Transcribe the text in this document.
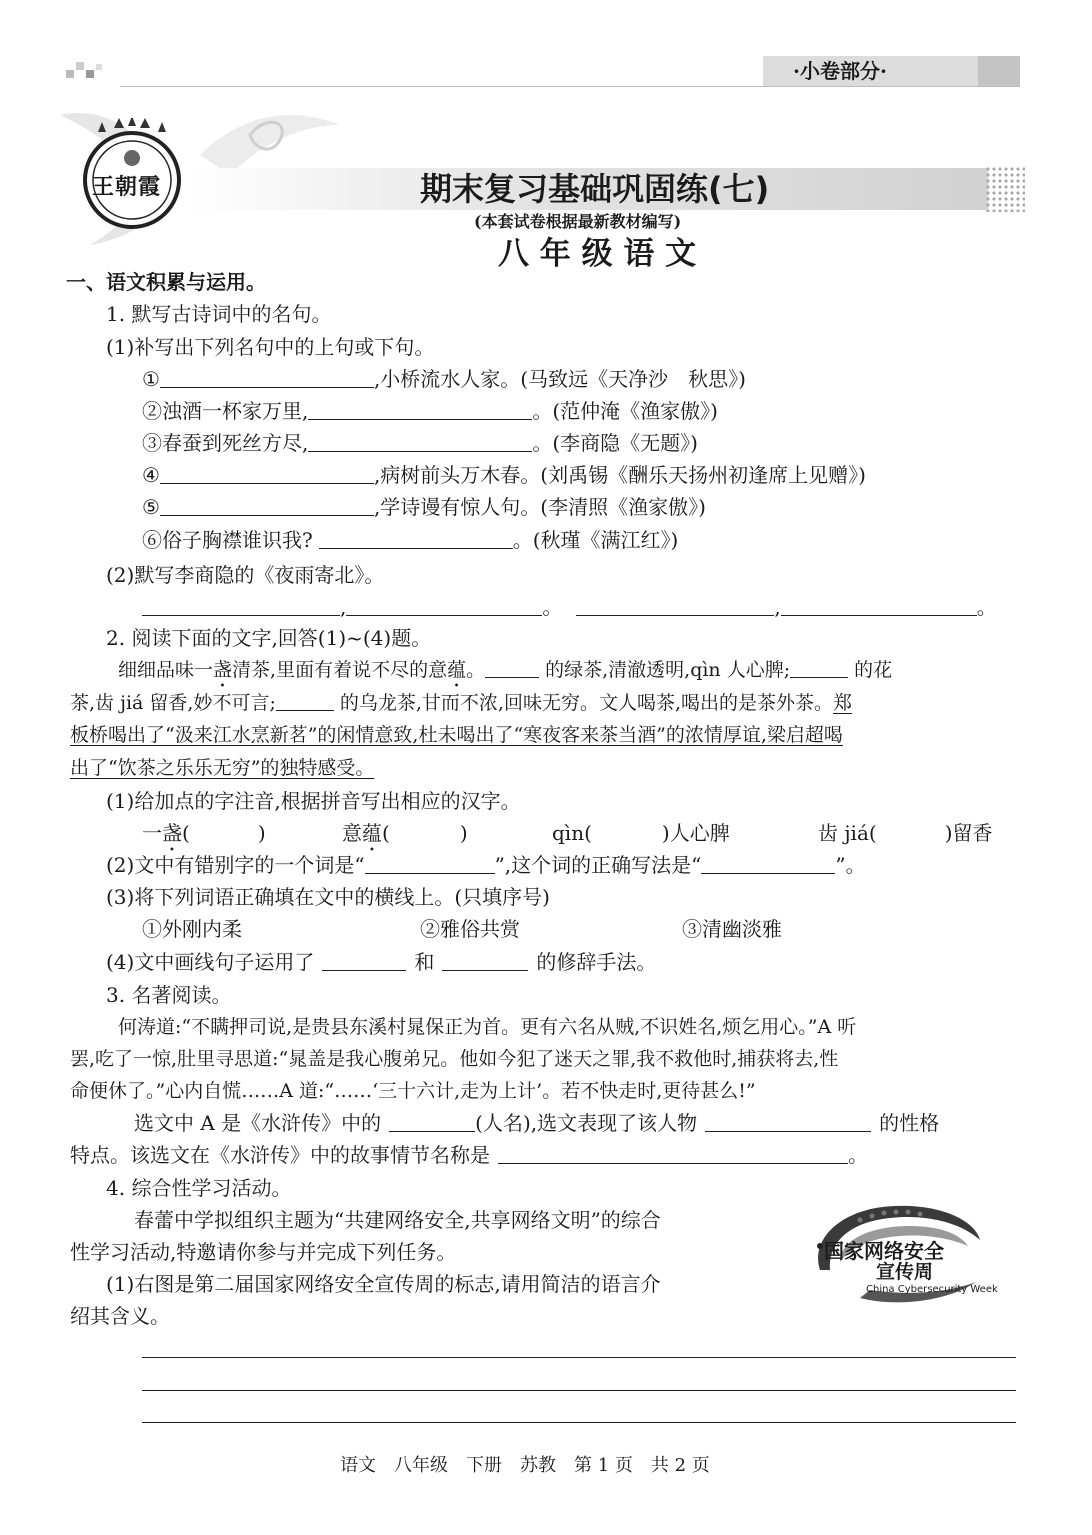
·小卷部分·
王朝霞	期末复习基础巩固练(七)
(本套试卷根据最新教材编写)
八 年 级 语 文
一、语文积累与运用。
1. 默写古诗词中的名句。
(1)补写出下列名句中的上句或下句。
①	,小桥流水人家。(马致远《天净沙　秋思》)
②浊酒一杯家万里,	。(范仲淹《渔家傲》)
③春蚕到死丝方尽,	。(李商隐《无题》)
④	,病树前头万木春。(刘禹锡《酬乐天扬州初逢席上见赠》)
⑤	,学诗谩有惊人句。(李清照《渔家傲》)
⑥俗子胸襟谁识我?	。(秋瑾《满江红》)
(2)默写李商隐的《夜雨寄北》。
,	。	,	。
2. 阅读下面的文字,回答(1)~(4)题。
细细品味一盏清茶,里面有着说不尽的意蕴。	的绿茶,清澈透明,qìn 人心脾;	的花
茶,齿 jiá 留香,妙不可言;	的乌龙茶,甘而不浓,回味无穷。文人喝茶,喝出的是茶外茶。郑
板桥喝出了“汲来江水烹新茗”的闲情意致,杜未喝出了“寒夜客来茶当酒”的浓情厚谊,梁启超喝
出了“饮茶之乐乐无穷”的独特感受。
(1)给加点的字注音,根据拼音写出相应的汉字。
一盏(	)	意蕴(	)	qìn(	)人心脾	齿 jiá(	)留香
(2)文中有错别字的一个词是“	”,这个词的正确写法是“	”。
(3)将下列词语正确填在文中的横线上。(只填序号)
①外刚内柔	②雅俗共赏	③清幽淡雅
(4)文中画线句子运用了	和	的修辞手法。
3. 名著阅读。
何涛道:“不瞒押司说,是贵县东溪村晁保正为首。更有六名从贼,不识姓名,烦乞用心。”A 听
罢,吃了一惊,肚里寻思道:“晁盖是我心腹弟兄。他如今犯了迷天之罪,我不救他时,捕获将去,性
命便休了。”心内自慌……A 道:“……‘三十六计,走为上计’。若不快走时,更待甚么!”
选文中 A 是《水浒传》中的	(人名),选文表现了该人物	的性格
特点。该选文在《水浒传》中的故事情节名称是	。
4. 综合性学习活动。
春蕾中学拟组织主题为“共建网络安全,共享网络文明”的综合
性学习活动,特邀请你参与并完成下列任务。
(1)右图是第二届国家网络安全宣传周的标志,请用简洁的语言介
绍其含义。
国家网络安全
宣传周
China Cybersecurity Week
语文　八年级　下册　苏教　第 1 页　共 2 页
